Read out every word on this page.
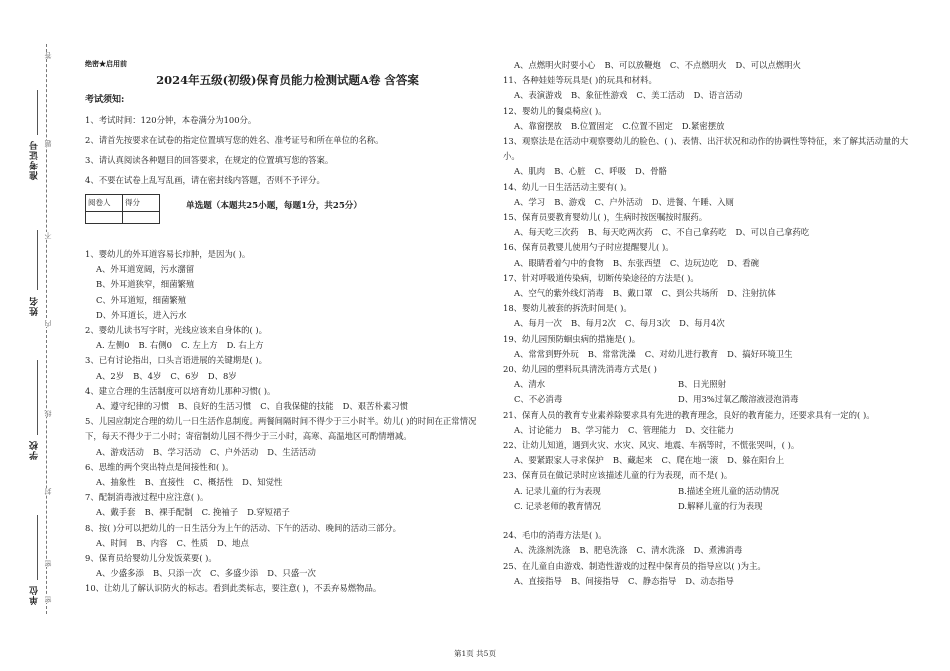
准考证号
姓名
学校
单位
答
题
不
内
线
封
密
密
绝密★启用前
2024年五级(初级)保育员能力检测试题A卷 含答案
考试须知:
1、考试时间：120分钟，本卷满分为100分。
2、请首先按要求在试卷的指定位置填写您的姓名、准考证号和所在单位的名称。
3、请认真阅读各种题目的回答要求，在规定的位置填写您的答案。
4、不要在试卷上乱写乱画，请在密封线内答题，否则不予评分。
阅卷人	得分
		单选题（本题共25小题，每题1分，共25分）
1、婴幼儿的外耳道容易长疖肿，是因为( )。
A、外耳道宽阔，污水潴留
B、外耳道狭窄，细菌繁殖
C、外耳道短，细菌繁殖
D、外耳道长，进入污水
2、婴幼儿读书写字时，光线应该来自身体的( )。
A. 左侧0 B. 右侧0 C. 左上方 D. 右上方
3、已有讨论指出，口头言语进展的关键期是( )。
A、2岁 B、4岁 C、6岁 D、8岁
4、建立合理的生活制度可以培育幼儿那种习惯( )。
A、遵守纪律的习惯 B、良好的生活习惯 C、自我保健的技能 D、艰苦朴素习惯
5、儿园应制定合理的幼儿一日生活作息制度。两餐间隔时间不得少于三小时半。幼儿( )的时间在正常情况下，每天不得少于二小时；寄宿制幼儿园不得少于三小时，高寒、高温地区可酌情增减。
A、游戏活动 B、学习活动 C、户外活动 D、生活活动
6、思维的两个突出特点是间接性和( )。
A、抽象性 B、直接性 C、概括性 D、知觉性
7、配制消毒液过程中应注意( )。
A、戴手套 B、裸手配制 C. 挽袖子 D.穿短裙子
8、按( )分可以把幼儿的一日生活分为上午的活动、下午的活动、晚间的活动三部分。
A、时间 B、内容 C、性质 D、地点
9、保育员给婴幼儿分发饭菜要( )。
A、少盛多添 B、只添一次 C、多盛少添 D、只盛一次
10、让幼儿了解认识防火的标志。看到此类标志，要注意( )，不丢弃易燃物品。
A、点燃明火时要小心 B、可以放鞭炮 C、不点燃明火 D、可以点燃明火
11、各种娃娃等玩具是( )的玩具和材料。
A、表演游戏 B、象征性游戏 C、美工活动 D、语言活动
12、婴幼儿的餐桌椅应( )。
A、靠窗摆放 B.位置固定 C.位置不固定 D.紧密摆放
13、观察法是在活动中观察婴幼儿的脸色、( )、表情、出汗状况和动作的协调性等特征，来了解其活动量的大小。
A、肌肉 B、心脏 C、呼吸 D、骨骼
14、幼儿一日生活活动主要有( )。
A、学习 B、游戏 C、户外活动 D、进餐、午睡、入厕
15、保育员要教育婴幼儿( )，生病时按医嘱按时服药。
A、每天吃三次药 B、每天吃两次药 C、不自己拿药吃 D、可以自己拿药吃
16、保育员教婴儿使用勺子时应提醒婴儿( )。
A、眼睛看着勺中的食物 B、东张西望 C、边玩边吃 D、看碗
17、针对呼吸道传染病，切断传染途径的方法是( )。
A、空气的紫外线灯消毒 B、戴口罩 C、到公共场所 D、注射抗体
18、婴幼儿被套的拆洗时间是( )。
A、每月一次 B、每月2次 C、每月3次 D、每月4次
19、幼儿园预防蛔虫病的措施是( )。
A、常常到野外玩 B、常常洗澡 C、对幼儿进行教育 D、搞好环境卫生
20、幼儿园的塑料玩具清洗消毒方式是( )
A、清水	B、日光照射
C、不必消毒	D、用3%过氧乙酸溶液浸泡消毒
21、保育人员的教育专业素养除要求具有先进的教育理念，良好的教育能力，还要求具有一定的( )。
A、讨论能力 B、学习能力 C、管理能力 D、交往能力
22、让幼儿知道，遇到火灾、水灾、风灾、地震、车祸等时，不慌张哭叫，( )。
A、要紧跟家人寻求保护 B、藏起来 C、爬在地一滚 D、躲在阳台上
23、保育员在做记录时应该描述儿童的行为表现，而不是( )。
A. 记录儿童的行为表现	B.描述全班儿童的活动情况
C. 记录老师的教育情况	D.解释儿童的行为表现
24、毛巾的消毒方法是( )。
A、洗涤剂洗涤 B、肥皂洗涤 C、清水洗涤 D、煮沸消毒
25、在儿童自由游戏、制造性游戏的过程中保育员的指导应以( )为主。
A、直接指导 B、间接指导 C、静态指导 D、动态指导
第1页 共5页
